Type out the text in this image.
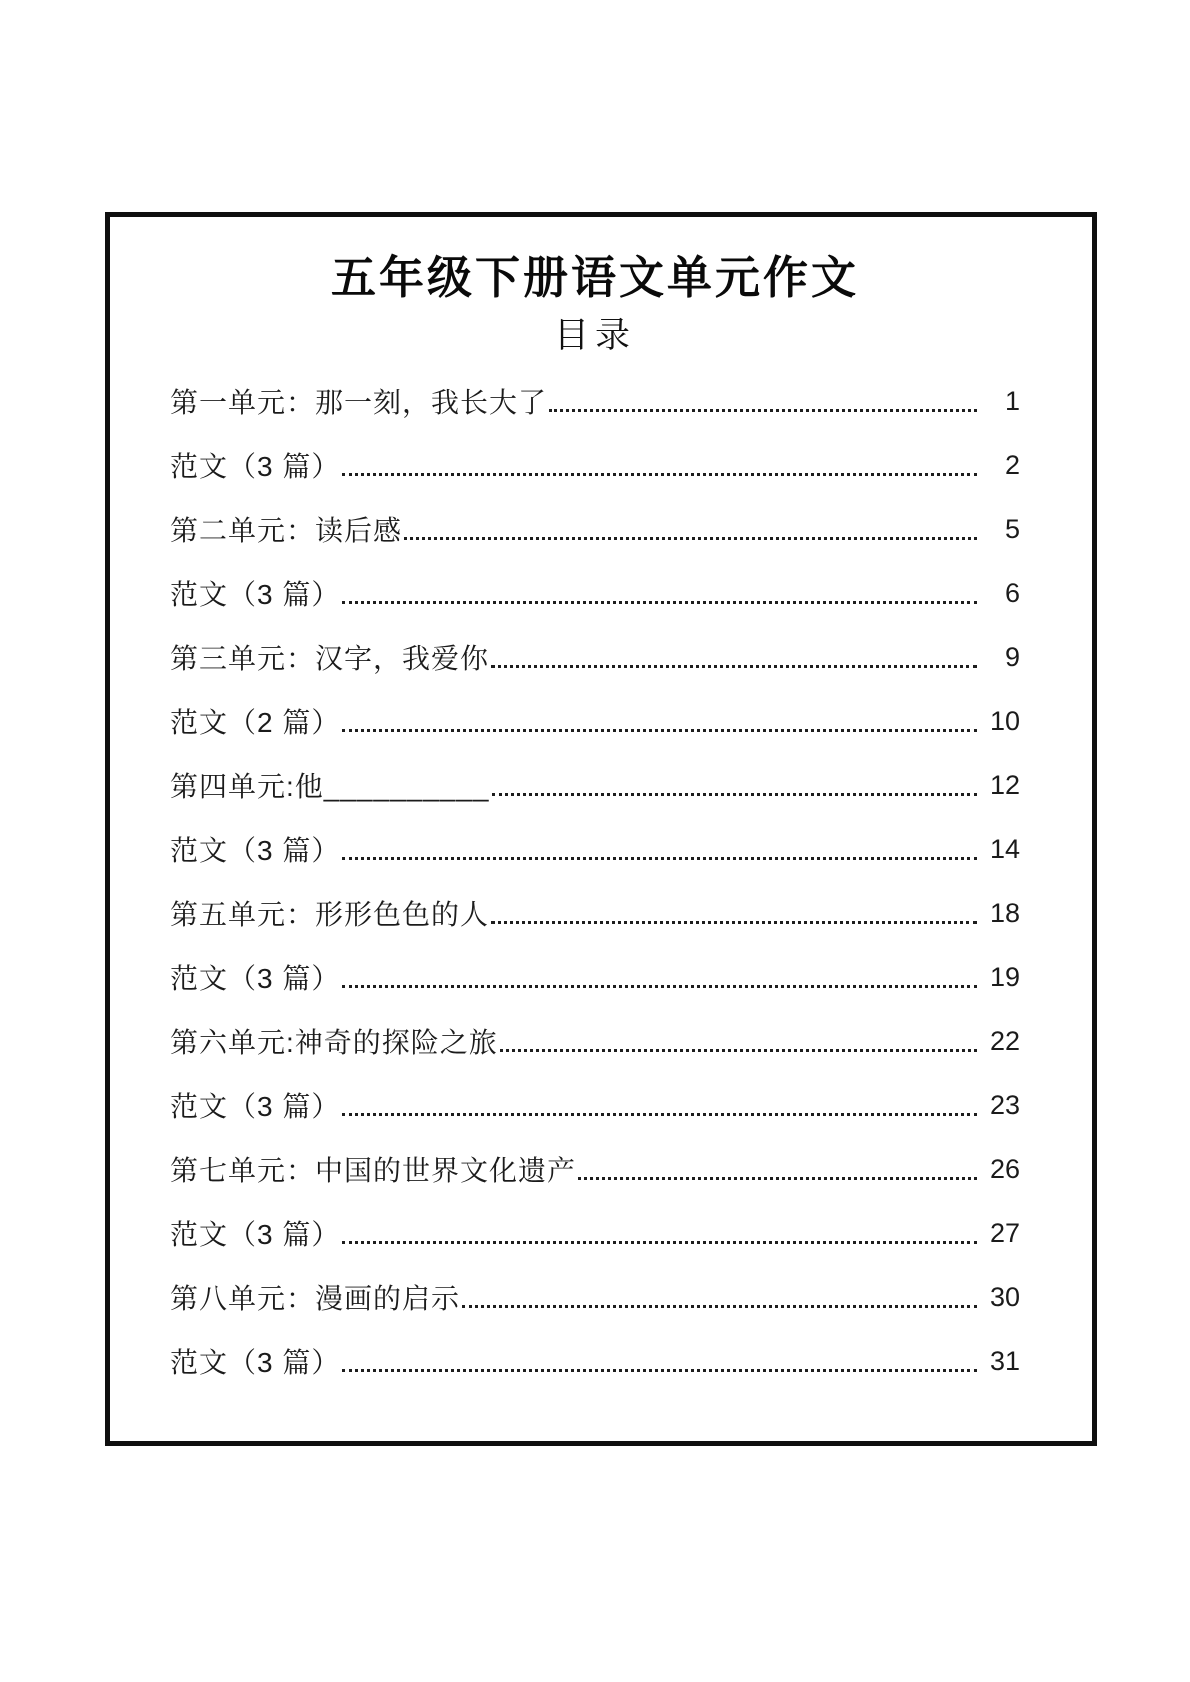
五年级下册语文单元作文
目录
第一单元：那一刻，我长大了	1
范文（3 篇）	2
第二单元：读后感	5
范文（3 篇）	6
第三单元：汉字，我爱你	9
范文（2 篇）	10
第四单元:他__________	12
范文（3 篇）	14
第五单元：形形色色的人	18
范文（3 篇）	19
第六单元:神奇的探险之旅	22
范文（3 篇）	23
第七单元：中国的世界文化遗产	26
范文（3 篇）	27
第八单元：漫画的启示	30
范文（3 篇）	31
